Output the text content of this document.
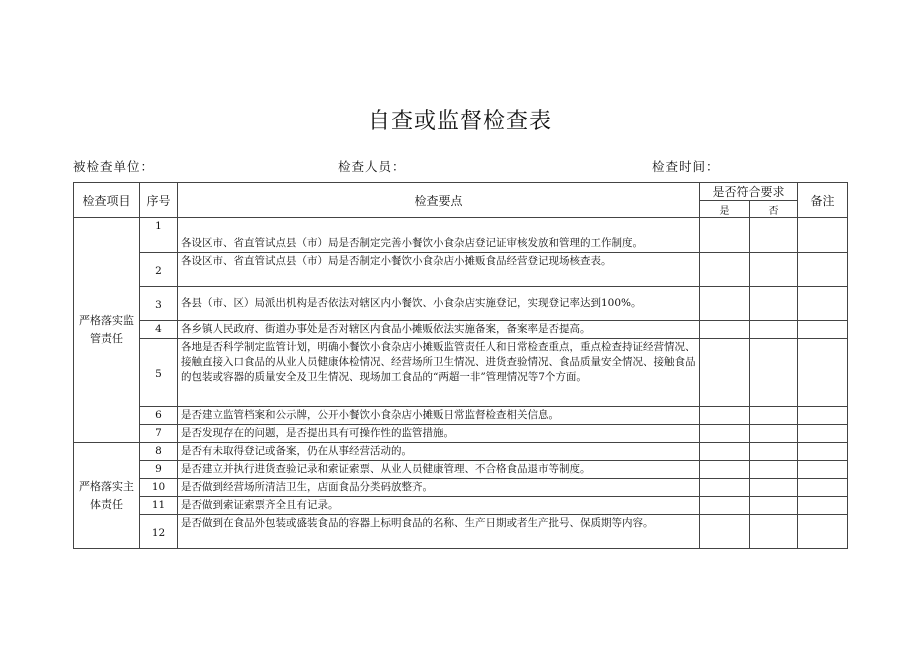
自查或监督检查表
被检查单位：	检查人员：	检查时间：
检查项目	序号	检查要点	是否符合要求		备注
			是	否	
严格落实监管责任	1	各设区市、省直管试点县（市）局是否制定完善小餐饮小食杂店登记证审核发放和管理的工作制度。			
	2	各设区市、省直管试点县（市）局是否制定小餐饮小食杂店小摊贩食品经营登记现场核查表。			
	3	各县（市、区）局派出机构是否依法对辖区内小餐饮、小食杂店实施登记，实现登记率达到100%。			
	4	各乡镇人民政府、街道办事处是否对辖区内食品小摊贩依法实施备案，备案率是否提高。			
	5	各地是否科学制定监管计划，明确小餐饮小食杂店小摊贩监管责任人和日常检查重点，重点检查持证经营情况、接触直接入口食品的从业人员健康体检情况、经营场所卫生情况、进货查验情况、食品质量安全情况、接触食品的包装或容器的质量安全及卫生情况、现场加工食品的“两超一非”管理情况等7个方面。			
	6	是否建立监管档案和公示牌，公开小餐饮小食杂店小摊贩日常监督检查相关信息。			
	7	是否发现存在的问题，是否提出具有可操作性的监管措施。			
严格落实主体责任	8	是否有未取得登记或备案，仍在从事经营活动的。			
	9	是否建立并执行进货查验记录和索证索票、从业人员健康管理、不合格食品退市等制度。			
	10	是否做到经营场所清洁卫生，店面食品分类码放整齐。			
	11	是否做到索证索票齐全且有记录。			
	12	是否做到在食品外包装或盛装食品的容器上标明食品的名称、生产日期或者生产批号、保质期等内容。			
